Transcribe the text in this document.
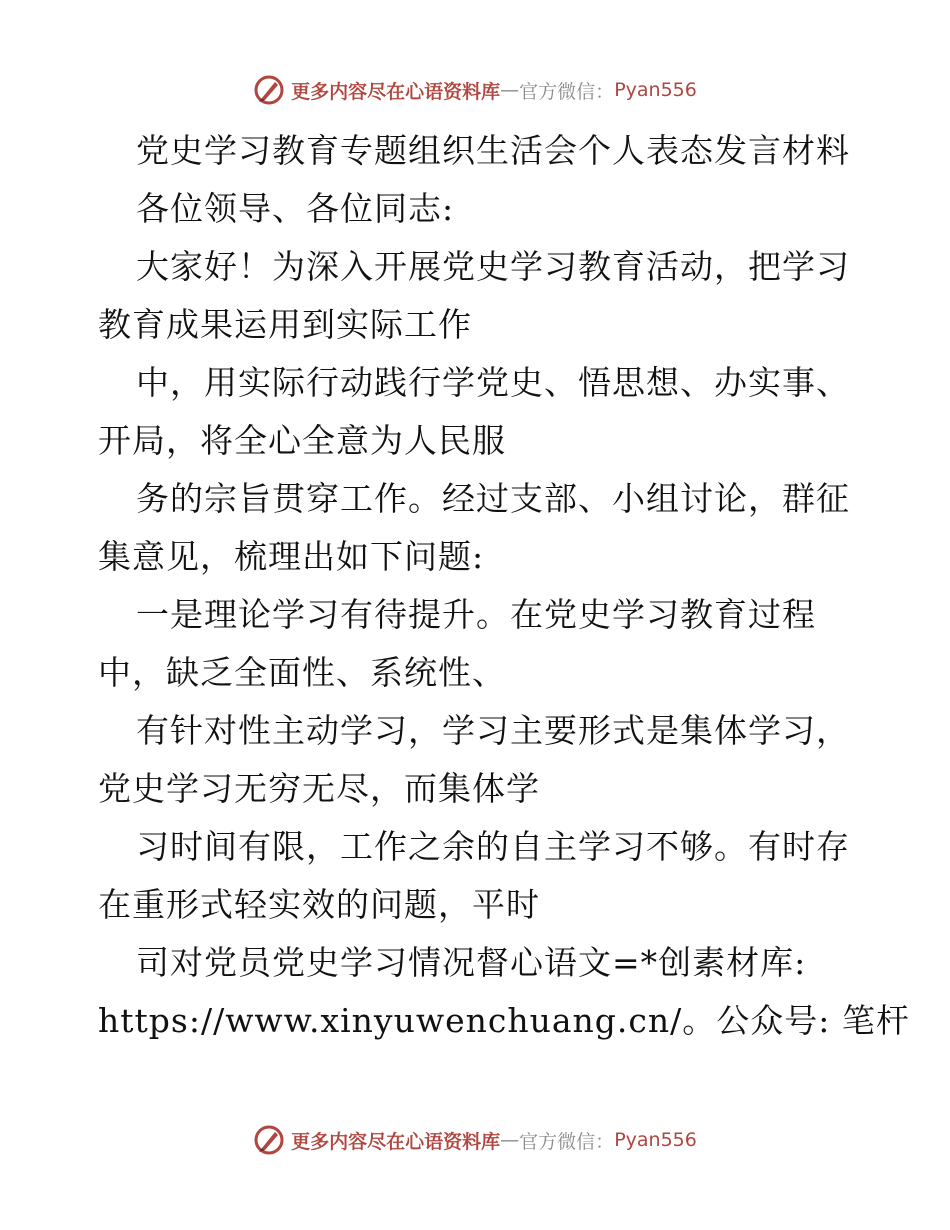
更多内容尽在心语资料库 — 官方微信： Pyan556
党史学习教育专题组织生活会个人表态发言材料
各位领导、各位同志:
大家好！为深入开展党史学习教育活动，把学习
教育成果运用到实际工作
中，用实际行动践行学党史、悟思想、办实事、
开局，将全心全意为人民服
务的宗旨贯穿工作。经过支部、小组讨论，群征
集意见，梳理出如下问题:
一是理论学习有待提升。在党史学习教育过程
中，缺乏全面性、系统性、
有针对性主动学习，学习主要形式是集体学习，
党史学习无穷无尽，而集体学
习时间有限，工作之余的自主学习不够。有时存
在重形式轻实效的问题，平时
司对党员党史学习情况督心语文=*创素材库:
https://www.xinyuwenchuang.cn/。公众号: 笔杆
更多内容尽在心语资料库 — 官方微信： Pyan556
